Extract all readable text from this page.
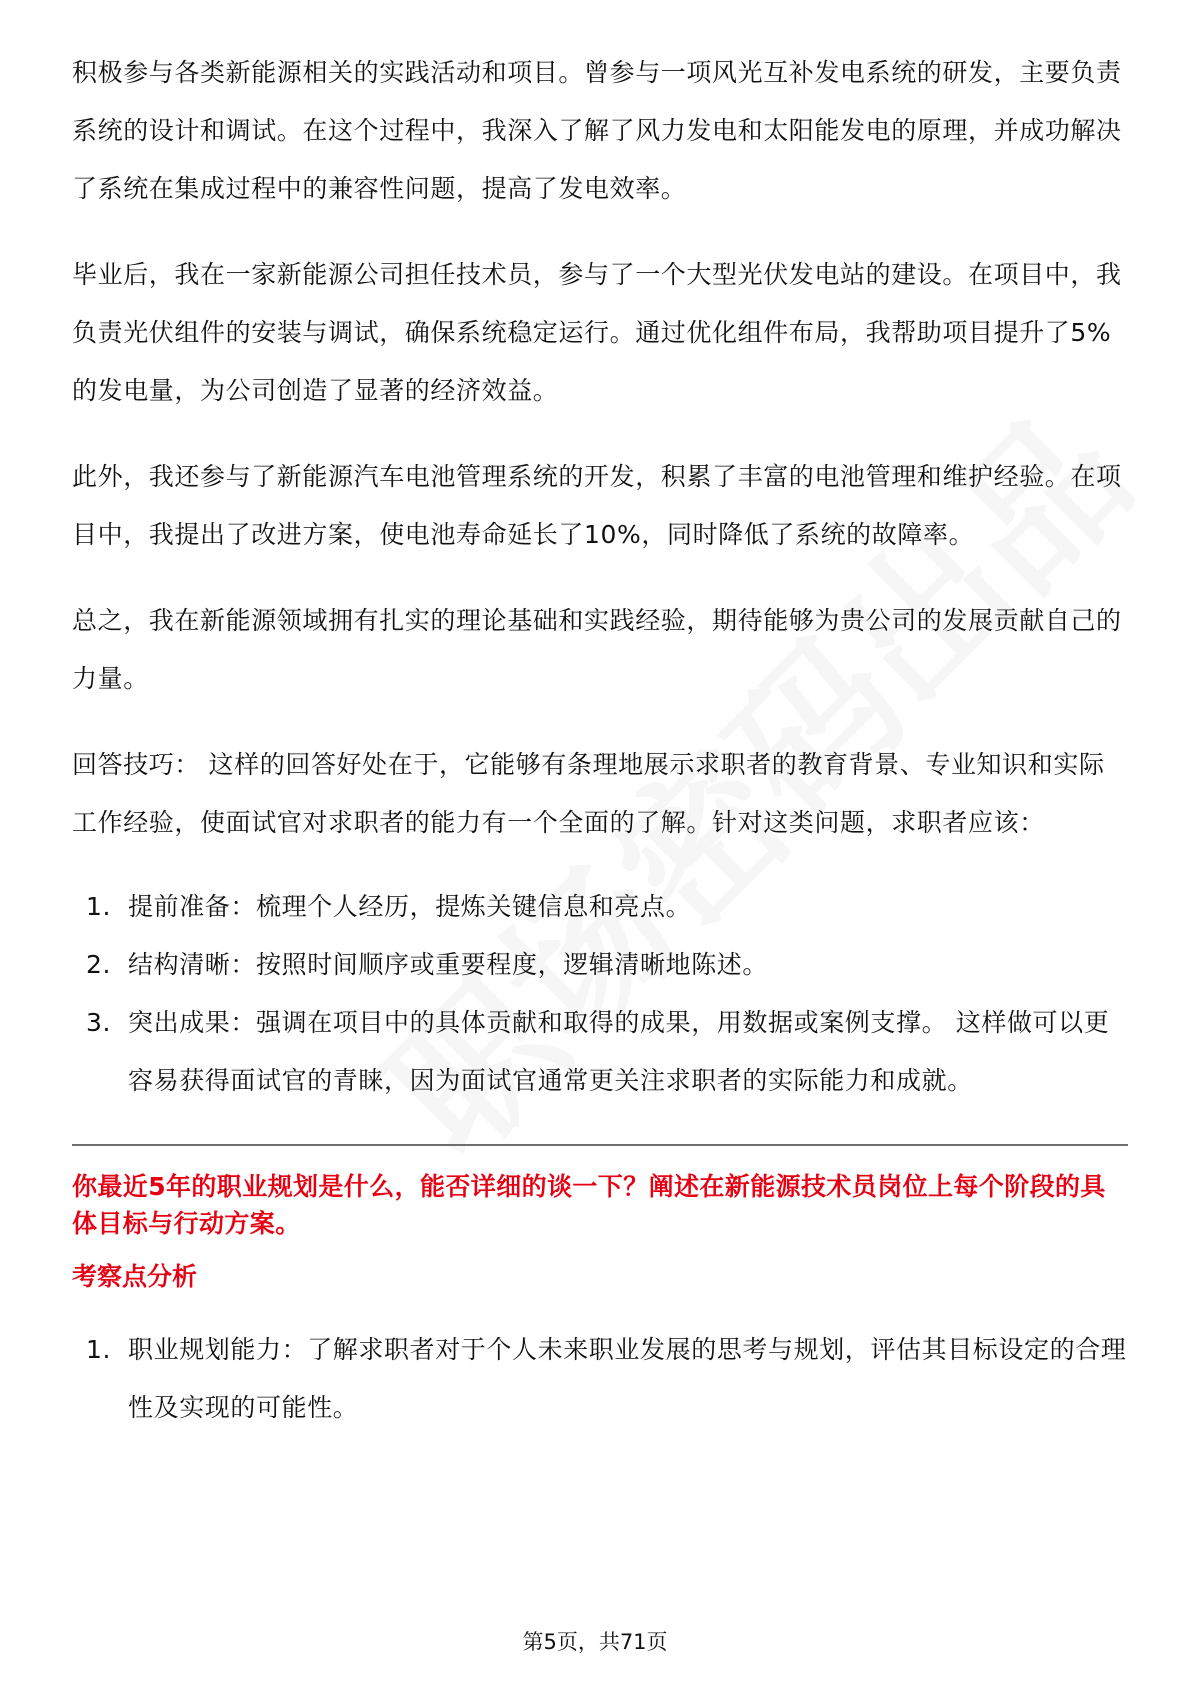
积极参与各类新能源相关的实践活动和项目。曾参与一项风光互补发电系统的研发，主要负责系统的设计和调试。在这个过程中，我深入了解了风力发电和太阳能发电的原理，并成功解决了系统在集成过程中的兼容性问题，提高了发电效率。

毕业后，我在一家新能源公司担任技术员，参与了一个大型光伏发电站的建设。在项目中，我负责光伏组件的安装与调试，确保系统稳定运行。通过优化组件布局，我帮助项目提升了5%的发电量，为公司创造了显著的经济效益。

此外，我还参与了新能源汽车电池管理系统的开发，积累了丰富的电池管理和维护经验。在项目中，我提出了改进方案，使电池寿命延长了10%，同时降低了系统的故障率。

总之，我在新能源领域拥有扎实的理论基础和实践经验，期待能够为贵公司的发展贡献自己的力量。

回答技巧： 这样的回答好处在于，它能够有条理地展示求职者的教育背景、专业知识和实际工作经验，使面试官对求职者的能力有一个全面的了解。针对这类问题，求职者应该：

1. 提前准备：梳理个人经历，提炼关键信息和亮点。
2. 结构清晰：按照时间顺序或重要程度，逻辑清晰地陈述。
3. 突出成果：强调在项目中的具体贡献和取得的成果，用数据或案例支撑。 这样做可以更容易获得面试官的青睐，因为面试官通常更关注求职者的实际能力和成就。

你最近5年的职业规划是什么，能否详细的谈一下？阐述在新能源技术员岗位上每个阶段的具体目标与行动方案。

考察点分析

1. 职业规划能力：了解求职者对于个人未来职业发展的思考与规划，评估其目标设定的合理性及实现的可能性。
第5页，共71页
